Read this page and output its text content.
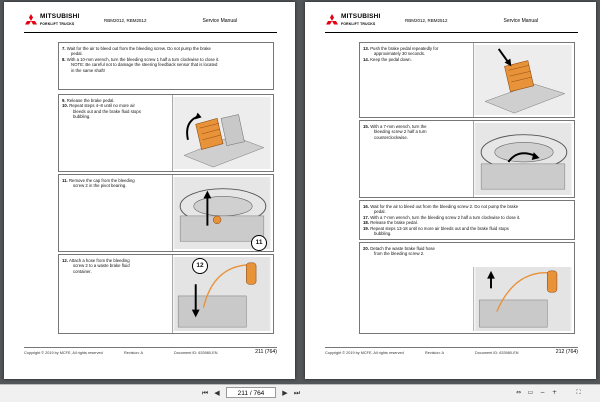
MITSUBISHI
FORKLIFT TRUCKS
RBM2012, RBM2512	Service Manual
7. Wait for the air to bleed out from the bleeding screw. Do not pump the brake
pedal.
8. With a 10-mm wrench, turn the bleeding screw 1 half a turn clockwise to close it.
NOTE: Be careful not to damage the steering feedback sensor that is located
in the same shaft!
9. Release the brake pedal.
10. Repeat steps 4–8 until no more air
bleeds out and the brake fluid stops
bubbling.
11. Remove the cap from the bleeding
screw 2 in the pivot bearing.
11
12. Attach a hose from the bleeding
screw 2 to a waste brake fluid
container.
12
Copyright © 2019 by MCFE, All rights reserved	Revision: A	Document ID: 633980-EN	211 (764)
MITSUBISHI
FORKLIFT TRUCKS
RBM2012, RBM2512	Service Manual
13. Push the brake pedal repeatedly for
approximately 30 seconds.
14. Keep the pedal down.
15. With a 7-mm wrench, turn the
bleeding screw 2 half a turn
counterclockwise.
16. Wait for the air to bleed out from the bleeding screw 2. Do not pump the brake
pedal.
17. With a 7-mm wrench, turn the bleeding screw 2 half a turn clockwise to close it.
18. Release the brake pedal.
19. Repeat steps 13-18 until no more air bleeds out and the brake fluid stops
bubbling.
20. Detach the waste brake fluid hose
from the bleeding screw 2.
Copyright © 2019 by MCFE, All rights reserved	Revision: A	Document ID: 633980-EN	212 (764)
⏮ ◀	211 / 764	▶ ⏭	⇔	▭	−	+	⛶
